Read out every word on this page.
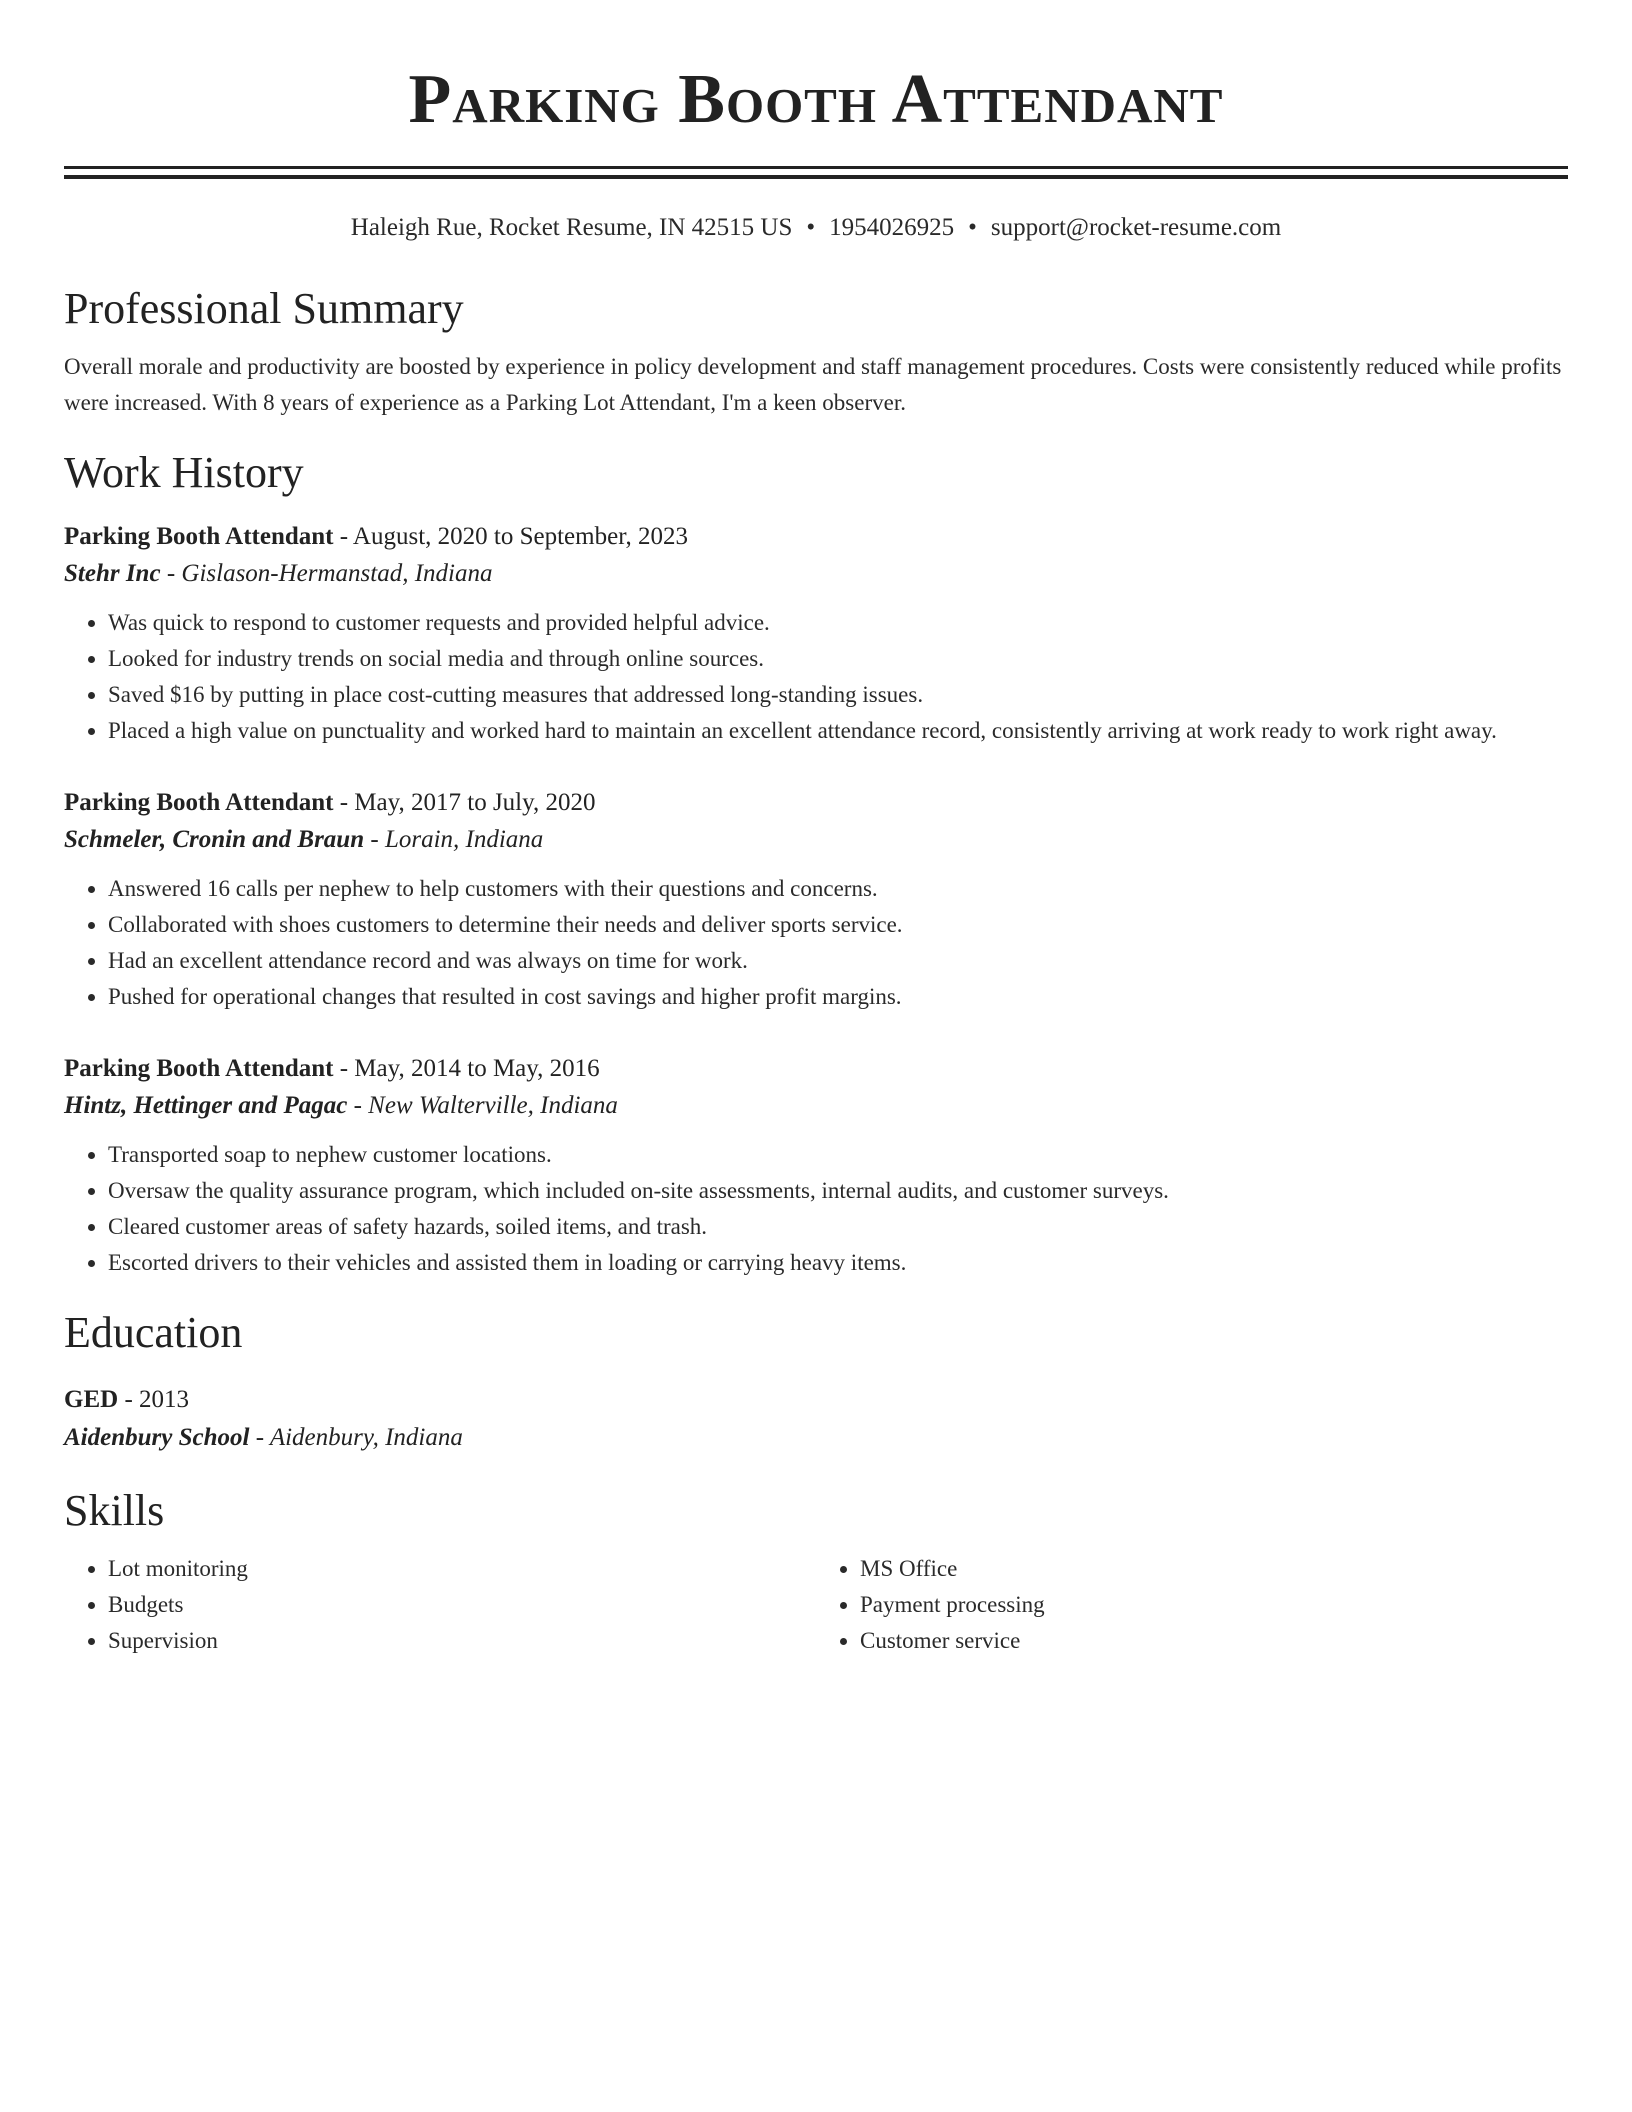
Parking Booth Attendant
Haleigh Rue, Rocket Resume, IN 42515 US • 1954026925 • support@rocket-resume.com
Professional Summary
Overall morale and productivity are boosted by experience in policy development and staff management procedures. Costs were consistently reduced while profits were increased. With 8 years of experience as a Parking Lot Attendant, I'm a keen observer.
Work History
Parking Booth Attendant - August, 2020 to September, 2023
Stehr Inc - Gislason-Hermanstad, Indiana
• Was quick to respond to customer requests and provided helpful advice.
• Looked for industry trends on social media and through online sources.
• Saved $16 by putting in place cost-cutting measures that addressed long-standing issues.
• Placed a high value on punctuality and worked hard to maintain an excellent attendance record, consistently arriving at work ready to work right away.
Parking Booth Attendant - May, 2017 to July, 2020
Schmeler, Cronin and Braun - Lorain, Indiana
• Answered 16 calls per nephew to help customers with their questions and concerns.
• Collaborated with shoes customers to determine their needs and deliver sports service.
• Had an excellent attendance record and was always on time for work.
• Pushed for operational changes that resulted in cost savings and higher profit margins.
Parking Booth Attendant - May, 2014 to May, 2016
Hintz, Hettinger and Pagac - New Walterville, Indiana
• Transported soap to nephew customer locations.
• Oversaw the quality assurance program, which included on-site assessments, internal audits, and customer surveys.
• Cleared customer areas of safety hazards, soiled items, and trash.
• Escorted drivers to their vehicles and assisted them in loading or carrying heavy items.
Education
GED - 2013
Aidenbury School - Aidenbury, Indiana
Skills
• Lot monitoring
• Budgets
• Supervision
• MS Office
• Payment processing
• Customer service
